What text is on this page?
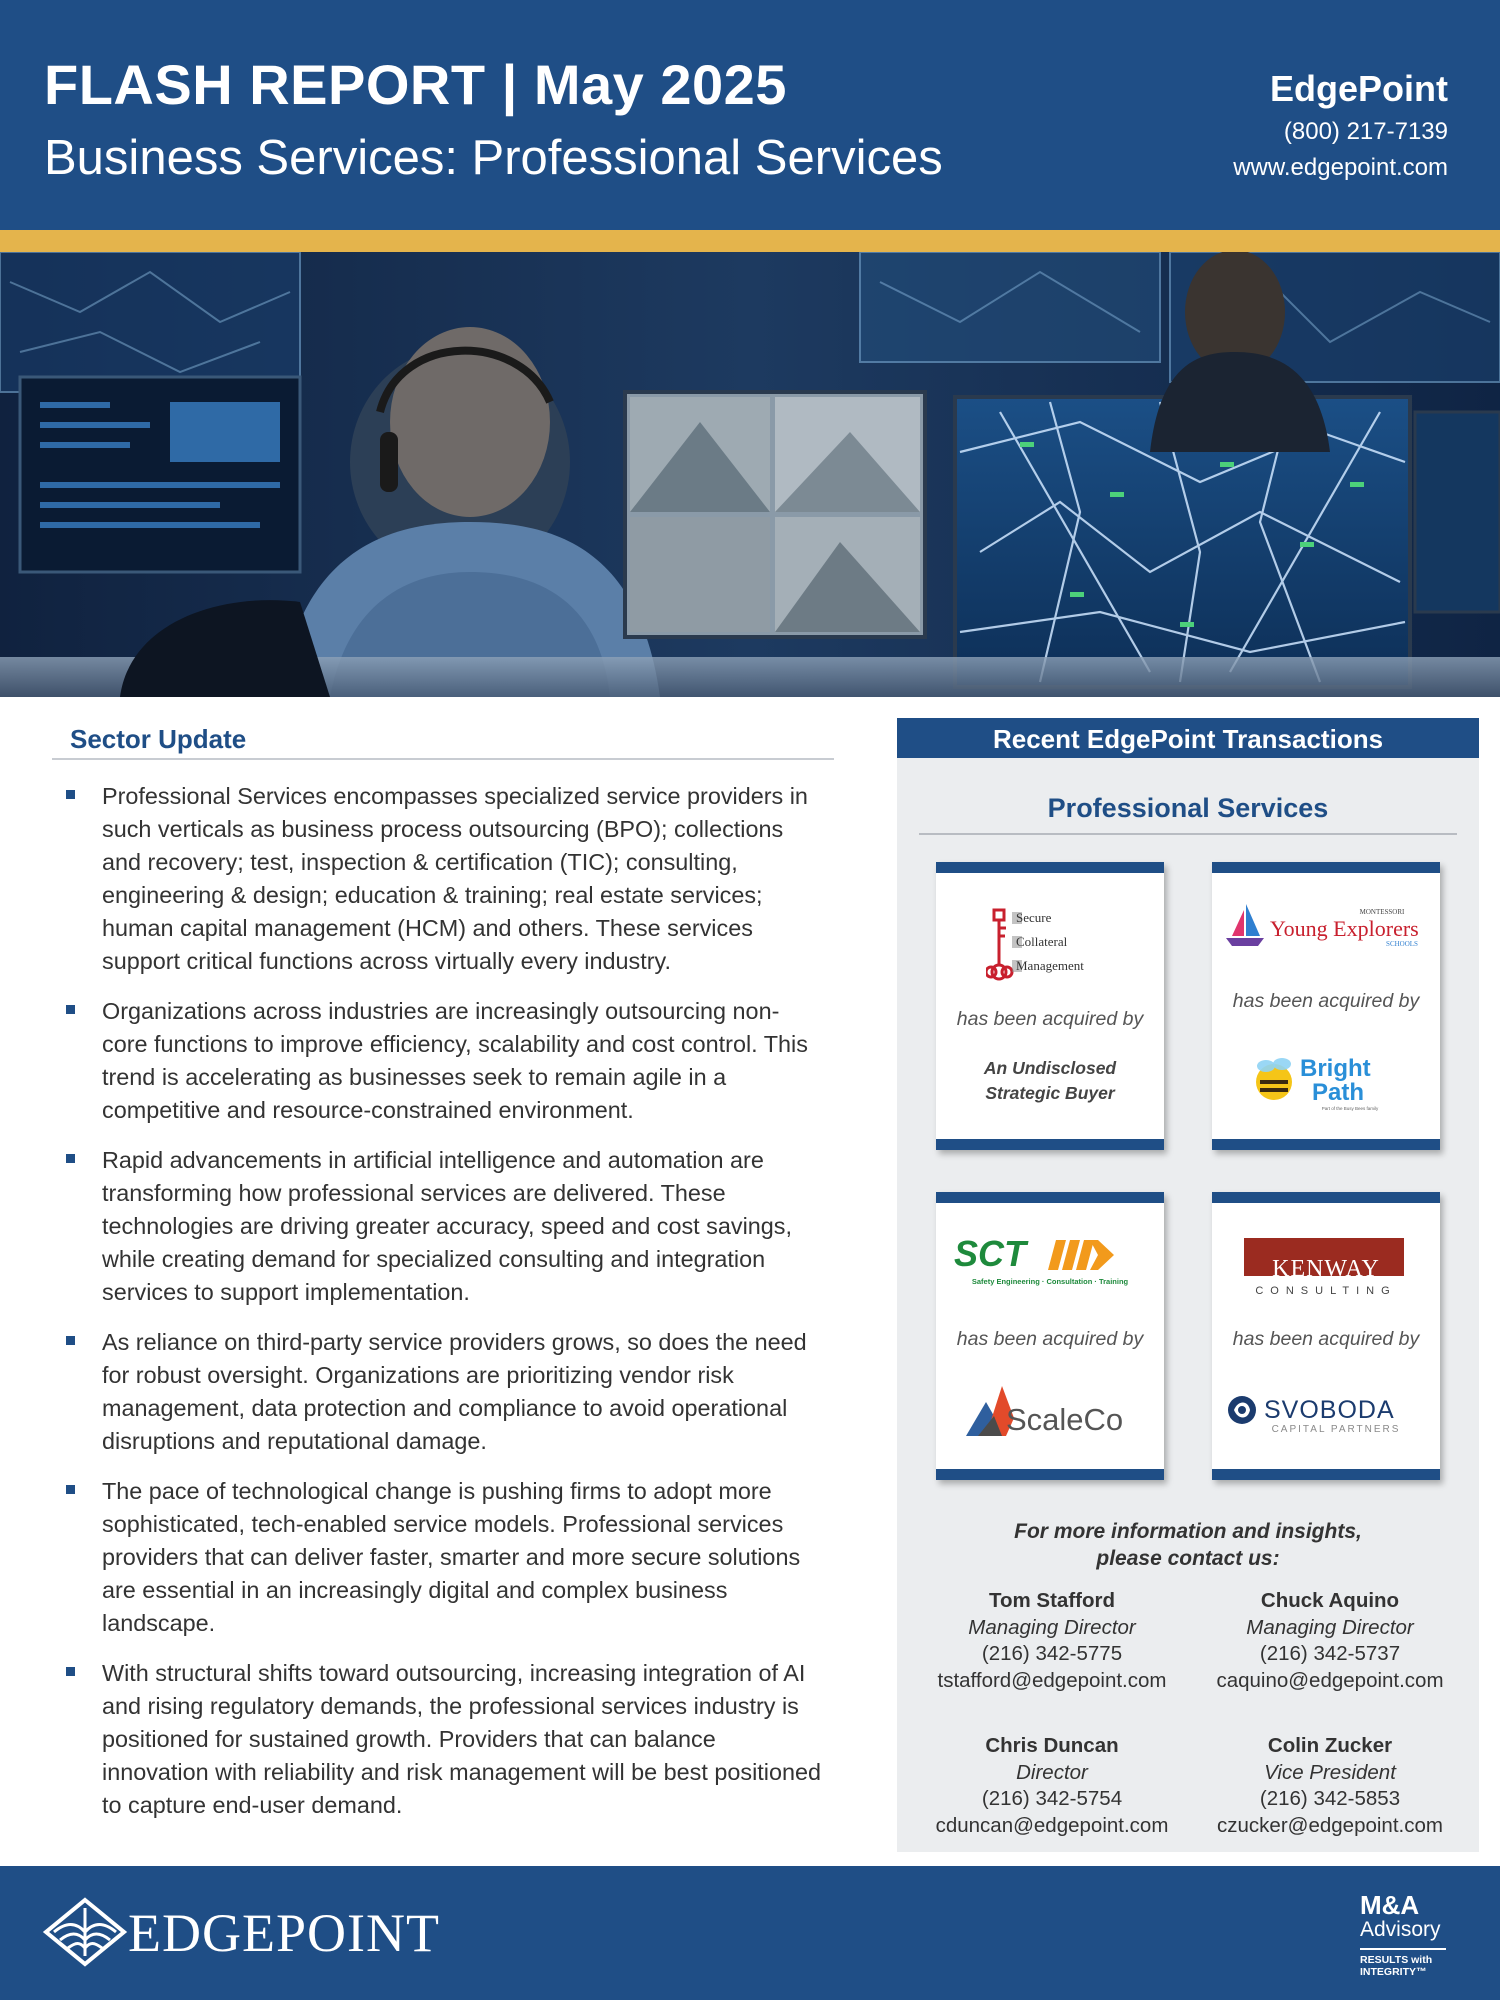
FLASH REPORT | May 2025
Business Services: Professional Services
EdgePoint
(800) 217-7139
www.edgepoint.com
Sector Update
Professional Services encompasses specialized service providers in such verticals as business process outsourcing (BPO); collections and recovery; test, inspection & certification (TIC); consulting, engineering & design; education & training; real estate services; human capital management (HCM) and others. These services support critical functions across virtually every industry.
Organizations across industries are increasingly outsourcing non-core functions to improve efficiency, scalability and cost control. This trend is accelerating as businesses seek to remain agile in a competitive and resource-constrained environment.
Rapid advancements in artificial intelligence and automation are transforming how professional services are delivered. These technologies are driving greater accuracy, speed and cost savings, while creating demand for specialized consulting and integration services to support implementation.
As reliance on third-party service providers grows, so does the need for robust oversight. Organizations are prioritizing vendor risk management, data protection and compliance to avoid operational disruptions and reputational damage.
The pace of technological change is pushing firms to adopt more sophisticated, tech-enabled service models. Professional services providers that can deliver faster, smarter and more secure solutions are essential in an increasingly digital and complex business landscape.
With structural shifts toward outsourcing, increasing integration of AI and rising regulatory demands, the professional services industry is positioned for sustained growth. Providers that can balance innovation with reliability and risk management will be best positioned to capture end-user demand.
Recent EdgePoint Transactions
Professional Services
Secure
Collateral
Management
has been acquired by
An Undisclosed
Strategic Buyer
MONTESSORI
Young Explorers
SCHOOLS
has been acquired by
Bright
Path
Part of the Busy Bees family
SCT
Safety Engineering · Consultation · Training
has been acquired by
ScaleCo
KENWAY
CONSULTING
has been acquired by
SVOBODA
CAPITAL PARTNERS
For more information and insights,
please contact us:
Tom Stafford
Managing Director
(216) 342-5775
tstafford@edgepoint.com
Chuck Aquino
Managing Director
(216) 342-5737
caquino@edgepoint.com
Chris Duncan
Director
(216) 342-5754
cduncan@edgepoint.com
Colin Zucker
Vice President
(216) 342-5853
czucker@edgepoint.com
EDGEPOINT	M&A
Advisory
RESULTS with
INTEGRITY™
